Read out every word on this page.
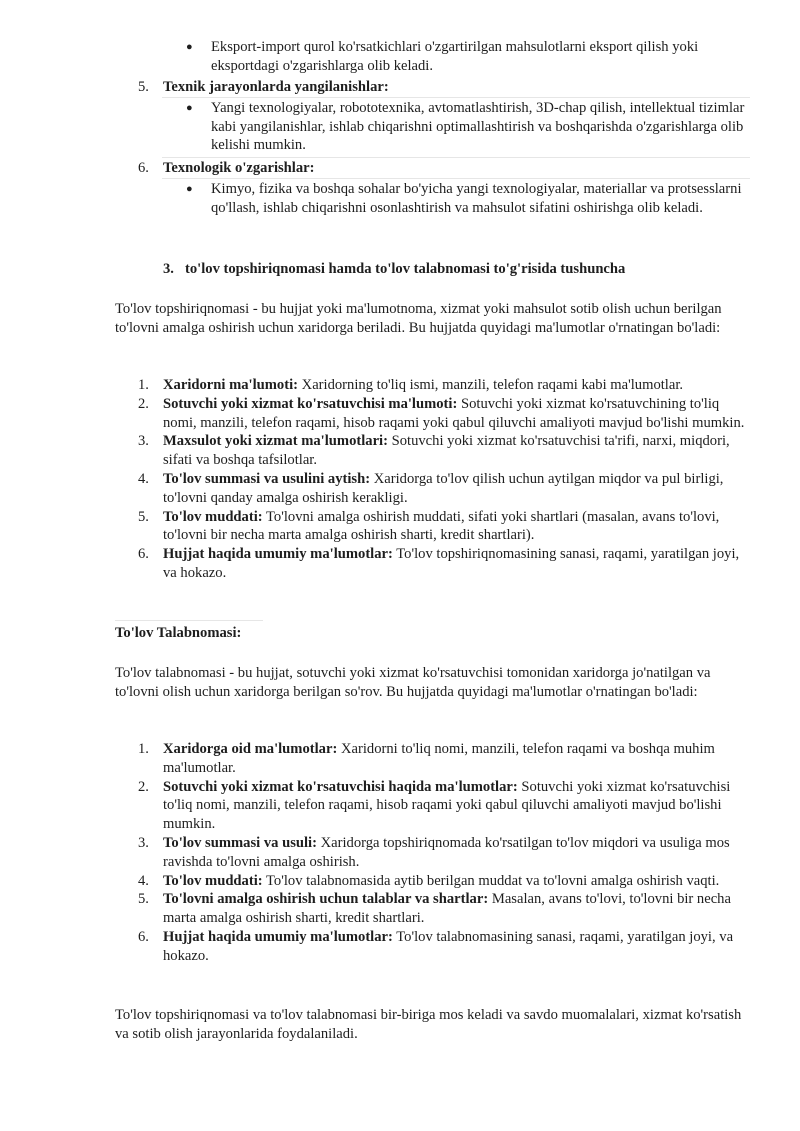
● Eksport-import qurol ko'rsatkichlari o'zgartirilgan mahsulotlarni eksport qilish yoki eksportdagi o'zgarishlarga olib keladi.
5. Texnik jarayonlarda yangilanishlar:
● Yangi texnologiyalar, robototexnika, avtomatlashtirish, 3D-chap qilish, intellektual tizimlar kabi yangilanishlar, ishlab chiqarishni optimallashtirish va boshqarishda o'zgarishlarga olib kelishi mumkin.
6. Texnologik o'zgarishlar:
● Kimyo, fizika va boshqa sohalar bo'yicha yangi texnologiyalar, materiallar va protsesslarni qo'llash, ishlab chiqarishni osonlashtirish va mahsulot sifatini oshirishga olib keladi.
3. to'lov topshiriqnomasi hamda to'lov talabnomasi to'g'risida tushuncha
To'lov topshiriqnomasi - bu hujjat yoki ma'lumotnoma, xizmat yoki mahsulot sotib olish uchun berilgan to'lovni amalga oshirish uchun xaridorga beriladi. Bu hujjatda quyidagi ma'lumotlar o'rnatingan bo'ladi:
1. Xaridorni ma'lumoti: Xaridorning to'liq ismi, manzili, telefon raqami kabi ma'lumotlar.
2. Sotuvchi yoki xizmat ko'rsatuvchisi ma'lumoti: Sotuvchi yoki xizmat ko'rsatuvchining to'liq nomi, manzili, telefon raqami, hisob raqami yoki qabul qiluvchi amaliyoti mavjud bo'lishi mumkin.
3. Maxsulot yoki xizmat ma'lumotlari: Sotuvchi yoki xizmat ko'rsatuvchisi ta'rifi, narxi, miqdori, sifati va boshqa tafsilotlar.
4. To'lov summasi va usulini aytish: Xaridorga to'lov qilish uchun aytilgan miqdor va pul birligi, to'lovni qanday amalga oshirish kerakligi.
5. To'lov muddati: To'lovni amalga oshirish muddati, sifati yoki shartlari (masalan, avans to'lovi, to'lovni bir necha marta amalga oshirish sharti, kredit shartlari).
6. Hujjat haqida umumiy ma'lumotlar: To'lov topshiriqnomasining sanasi, raqami, yaratilgan joyi, va hokazo.
To'lov Talabnomasi:
To'lov talabnomasi - bu hujjat, sotuvchi yoki xizmat ko'rsatuvchisi tomonidan xaridorga jo'natilgan va to'lovni olish uchun xaridorga berilgan so'rov. Bu hujjatda quyidagi ma'lumotlar o'rnatingan bo'ladi:
1. Xaridorga oid ma'lumotlar: Xaridorni to'liq nomi, manzili, telefon raqami va boshqa muhim ma'lumotlar.
2. Sotuvchi yoki xizmat ko'rsatuvchisi haqida ma'lumotlar: Sotuvchi yoki xizmat ko'rsatuvchisi to'liq nomi, manzili, telefon raqami, hisob raqami yoki qabul qiluvchi amaliyoti mavjud bo'lishi mumkin.
3. To'lov summasi va usuli: Xaridorga topshiriqnomada ko'rsatilgan to'lov miqdori va usuliga mos ravishda to'lovni amalga oshirish.
4. To'lov muddati: To'lov talabnomasida aytib berilgan muddat va to'lovni amalga oshirish vaqti.
5. To'lovni amalga oshirish uchun talablar va shartlar: Masalan, avans to'lovi, to'lovni bir necha marta amalga oshirish sharti, kredit shartlari.
6. Hujjat haqida umumiy ma'lumotlar: To'lov talabnomasining sanasi, raqami, yaratilgan joyi, va hokazo.
To'lov topshiriqnomasi va to'lov talabnomasi bir-biriga mos keladi va savdo muomalalari, xizmat ko'rsatish va sotib olish jarayonlarida foydalaniladi.
